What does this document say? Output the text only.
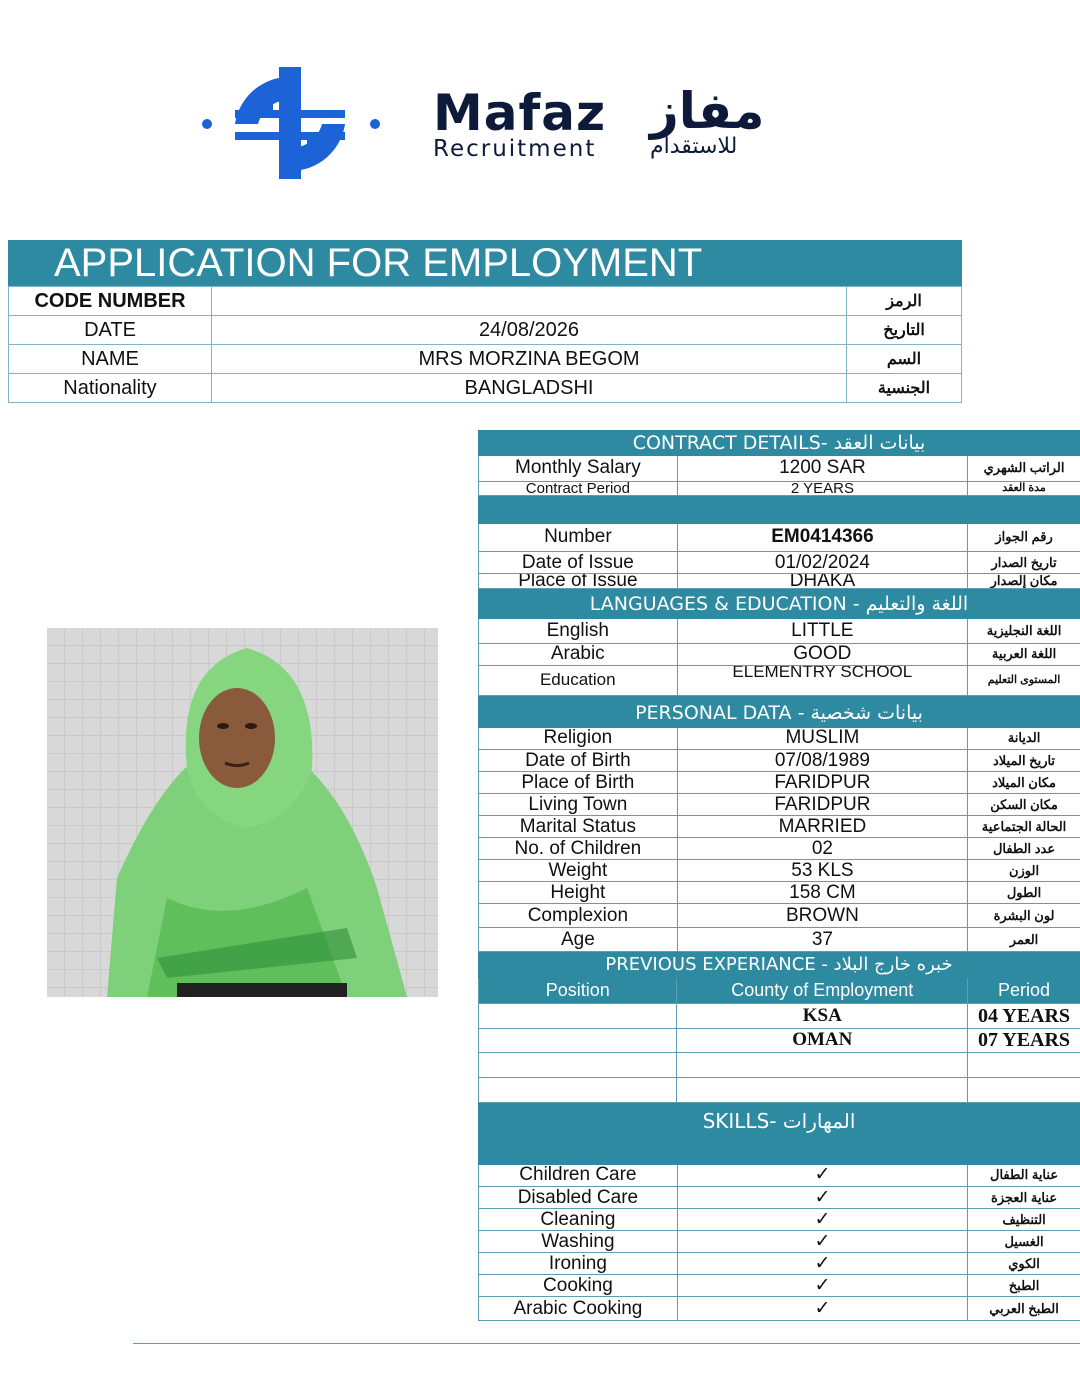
Mafaz مفاز
Recruitment للاستقدام
APPLICATION FOR EMPLOYMENT
CODE NUMBER		الرمز
DATE	24/08/2026	التاريخ
NAME	MRS MORZINA BEGOM	السم
Nationality	BANGLADSHI	الجنسية
CONTRACT DETAILS- بيانات العقد
Monthly Salary	1200 SAR	الراتب الشهري
Contract Period	2 YEARS	مدة العقد
Number	EM0414366	رقم الجواز
Date of Issue	01/02/2024	تاريخ الصدار
Place of Issue	DHAKA	مكان إلصدار
LANGUAGES & EDUCATION - اللغة والتعليم
English	LITTLE	اللغة النجليزية
Arabic	GOOD	اللغة العربية
Education	ELEMENTRY SCHOOL	المستوى التعليم
PERSONAL DATA - بيانات شخصية
Religion	MUSLIM	الديانة
Date of Birth	07/08/1989	تاريخ الميلاد
Place of Birth	FARIDPUR	مكان الميلاد
Living Town	FARIDPUR	مكان السكن
Marital Status	MARRIED	الحالة الجتماعية
No. of Children	02	عدد الطفال
Weight	53 KLS	الوزن
Height	158 CM	الطول
Complexion	BROWN	لون البشرة
Age	37	العمر
PREVIOUS EXPERIANCE - خبره خارج البلاد
Position	County of Employment	Period
	KSA	04 YEARS
	OMAN	07 YEARS

SKILLS- المهارات
Children Care	✓	عناية الطفال
Disabled Care	✓	عناية العجزة
Cleaning	✓	التنظيف
Washing	✓	الغسيل
Ironing	✓	الكوي
Cooking	✓	الطبخ
Arabic Cooking	✓	الطبخ العربي
